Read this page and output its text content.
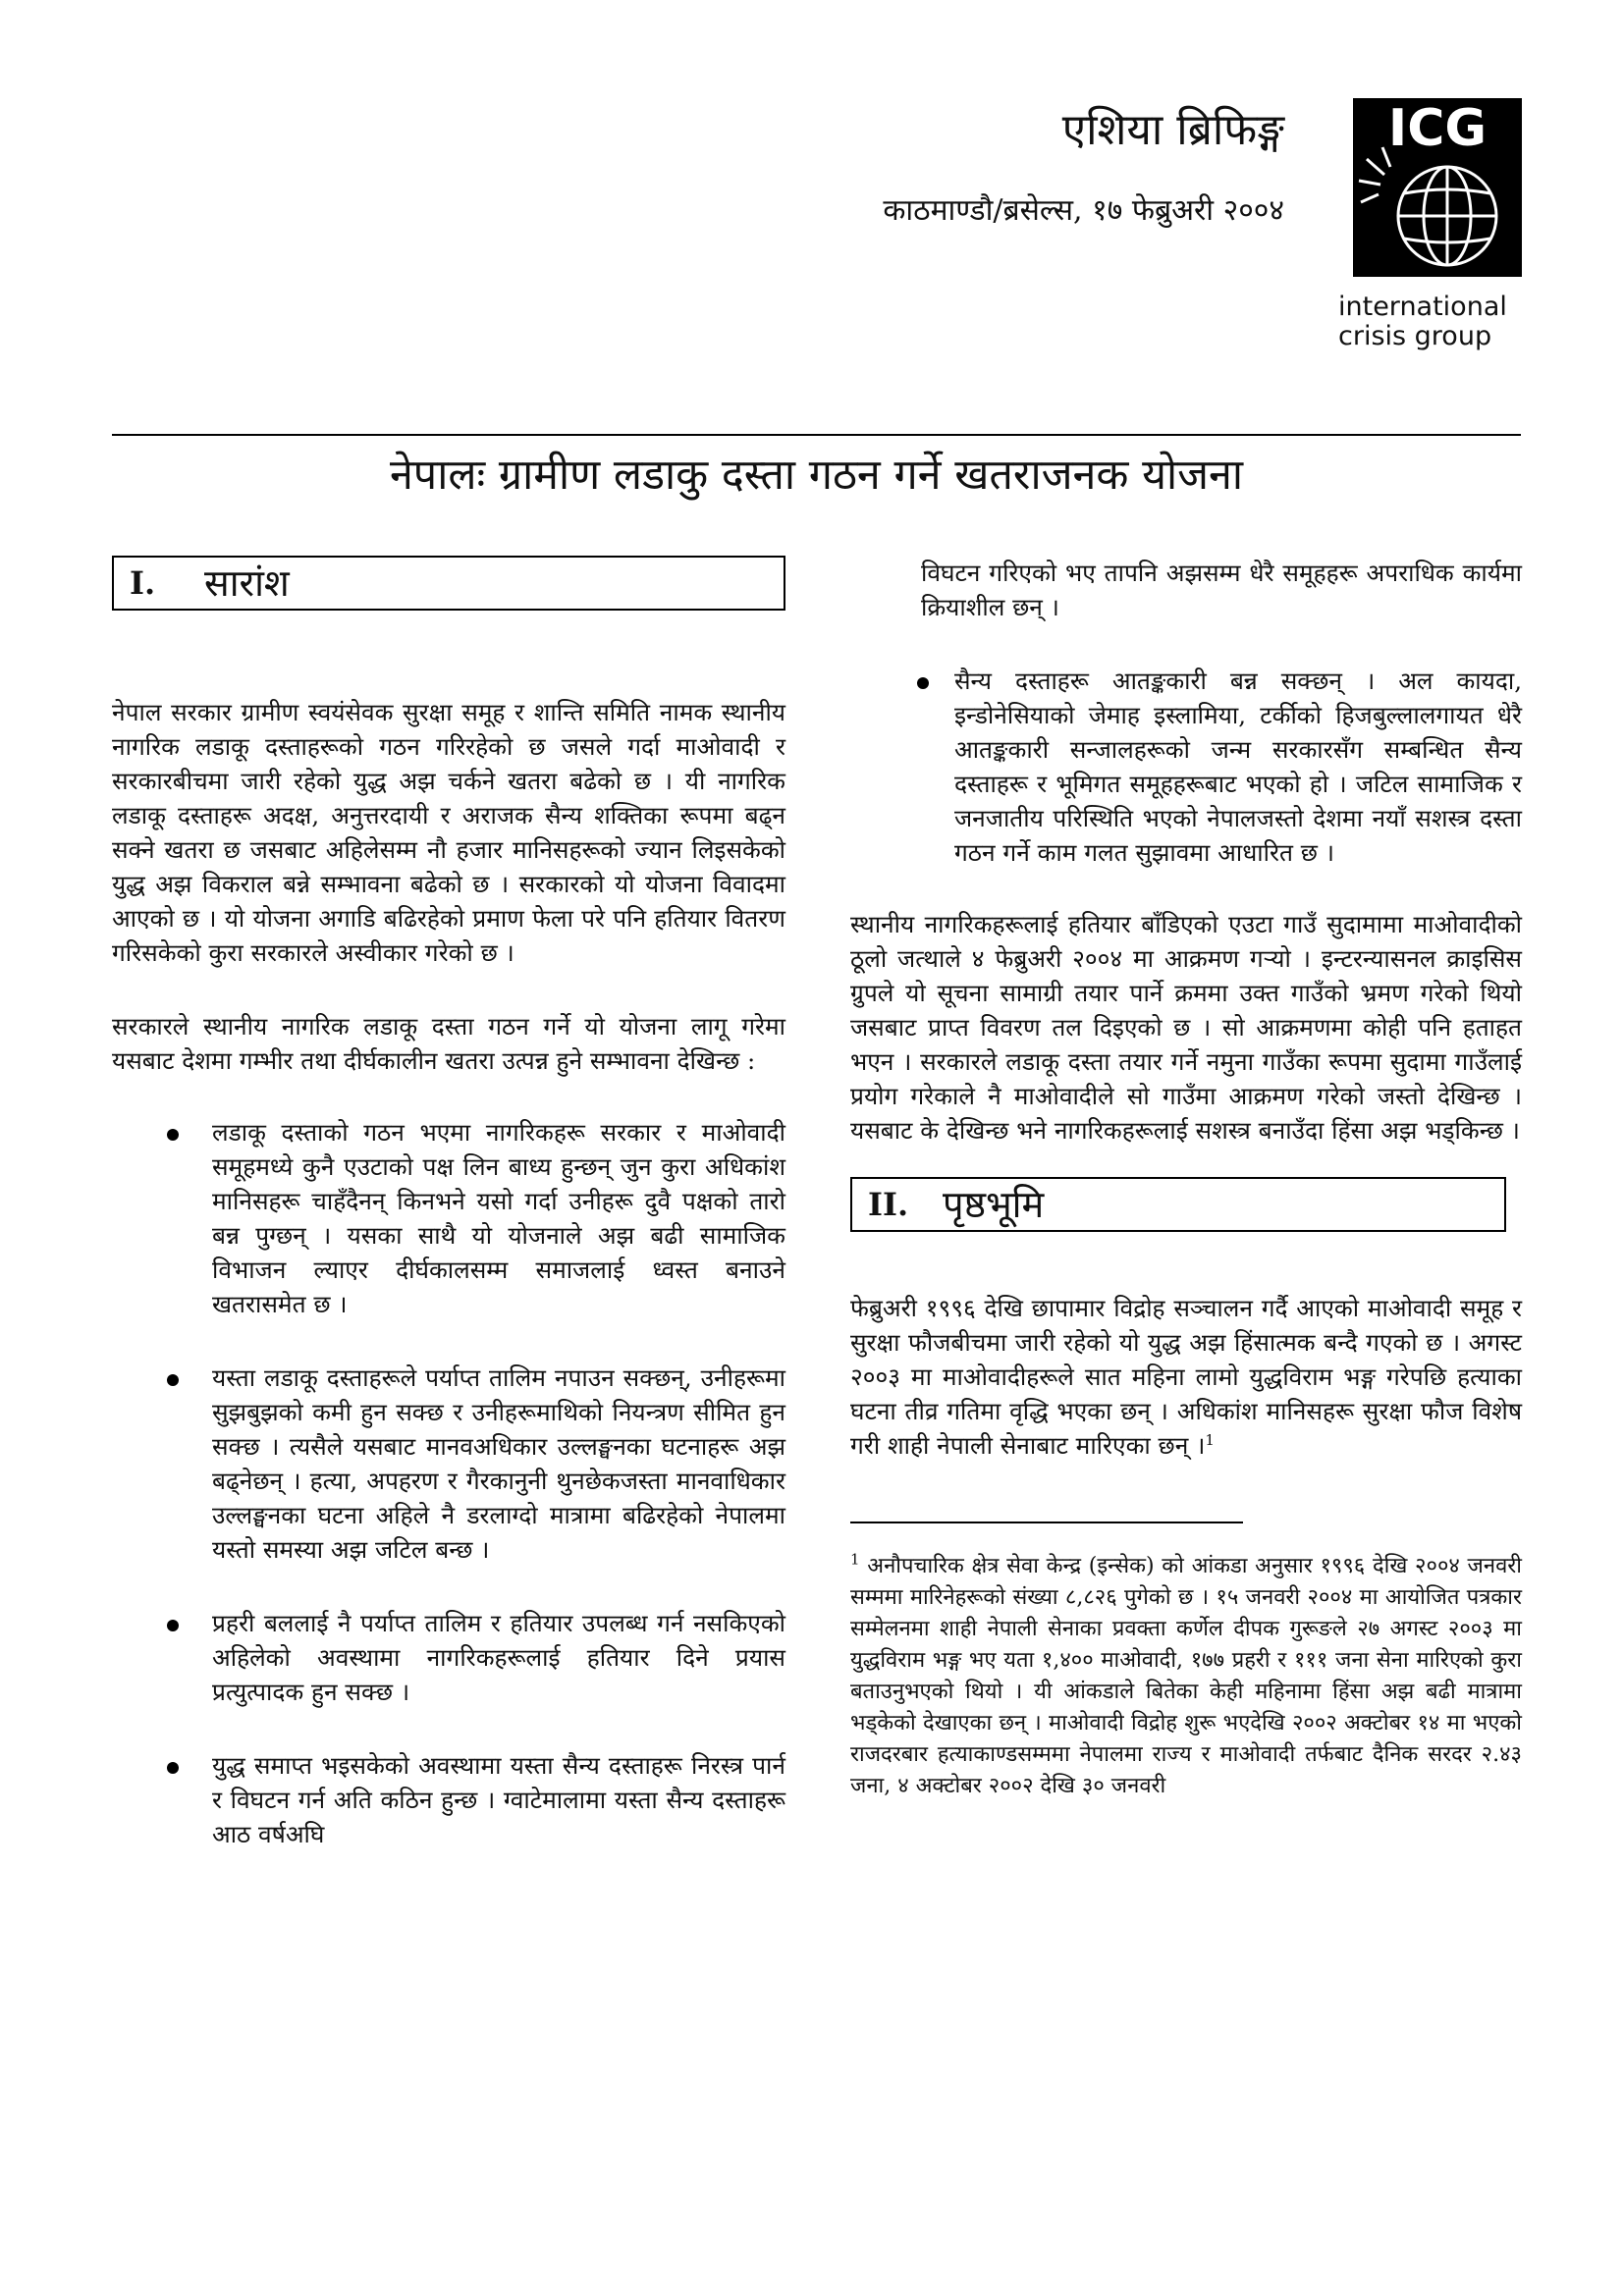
एशिया ब्रिफिङ्ग
काठमाण्डौ/ब्रसेल्स, १७ फेब्रुअरी २००४
ICG
international
crisis group
नेपालः ग्रामीण लडाकु दस्ता गठन गर्ने खतराजनक योजना
I.	सारांश

नेपाल सरकार ग्रामीण स्वयंसेवक सुरक्षा समूह र शान्ति समिति नामक स्थानीय नागरिक लडाकू दस्ताहरूको गठन गरिरहेको छ जसले गर्दा माओवादी र सरकारबीचमा जारी रहेको युद्ध अझ चर्कने खतरा बढेको छ । यी नागरिक लडाकू दस्ताहरू अदक्ष, अनुत्तरदायी र अराजक सैन्य शक्तिका रूपमा बढ्न सक्ने खतरा छ जसबाट अहिलेसम्म नौ हजार मानिसहरूको ज्यान लिइसकेको युद्ध अझ विकराल बन्ने सम्भावना बढेको छ । सरकारको यो योजना विवादमा आएको छ । यो योजना अगाडि बढिरहेको प्रमाण फेला परे पनि हतियार वितरण गरिसकेको कुरा सरकारले अस्वीकार गरेको छ ।

सरकारले स्थानीय नागरिक लडाकू दस्ता गठन गर्ने यो योजना लागू गरेमा यसबाट देशमा गम्भीर तथा दीर्घकालीन खतरा उत्पन्न हुने सम्भावना देखिन्छ :

लडाकू दस्ताको गठन भएमा नागरिकहरू सरकार र माओवादी समूहमध्ये कुनै एउटाको पक्ष लिन बाध्य हुन्छन् जुन कुरा अधिकांश मानिसहरू चाहँदैनन् किनभने यसो गर्दा उनीहरू दुवै पक्षको तारो बन्न पुग्छन् । यसका साथै यो योजनाले अझ बढी सामाजिक विभाजन ल्याएर दीर्घकालसम्म समाजलाई ध्वस्त बनाउने खतरासमेत छ ।
यस्ता लडाकू दस्ताहरूले पर्याप्त तालिम नपाउन सक्छन्, उनीहरूमा सुझबुझको कमी हुन सक्छ र उनीहरूमाथिको नियन्त्रण सीमित हुन सक्छ । त्यसैले यसबाट मानवअधिकार उल्लङ्घनका घटनाहरू अझ बढ्नेछन् । हत्या, अपहरण र गैरकानुनी थुनछेकजस्ता मानवाधिकार उल्लङ्घनका घटना अहिले नै डरलाग्दो मात्रामा बढिरहेको नेपालमा यस्तो समस्या अझ जटिल बन्छ ।
प्रहरी बललाई नै पर्याप्त तालिम र हतियार उपलब्ध गर्न नसकिएको अहिलेको अवस्थामा नागरिकहरूलाई हतियार दिने प्रयास प्रत्युत्पादक हुन सक्छ ।
युद्ध समाप्त भइसकेको अवस्थामा यस्ता सैन्य दस्ताहरू निरस्त्र पार्न र विघटन गर्न अति कठिन हुन्छ । ग्वाटेमालामा यस्ता सैन्य दस्ताहरू आठ वर्षअघि

विघटन गरिएको भए तापनि अझसम्म धेरै समूहहरू अपराधिक कार्यमा क्रियाशील छन् ।

सैन्य दस्ताहरू आतङ्ककारी बन्न सक्छन् । अल कायदा, इन्डोनेसियाको जेमाह इस्लामिया, टर्कीको हिजबुल्लालगायत धेरै आतङ्ककारी सन्जालहरूको जन्म सरकारसँग सम्बन्धित सैन्य दस्ताहरू र भूमिगत समूहहरूबाट भएको हो । जटिल सामाजिक र जनजातीय परिस्थिति भएको नेपालजस्तो देशमा नयाँ सशस्त्र दस्ता गठन गर्ने काम गलत सुझावमा आधारित छ ।

स्थानीय नागरिकहरूलाई हतियार बाँडिएको एउटा गाउँ सुदामामा माओवादीको ठूलो जत्थाले ४ फेब्रुअरी २००४ मा आक्रमण गऱ्यो । इन्टरन्यासनल क्राइसिस ग्रुपले यो सूचना सामाग्री तयार पार्ने क्रममा उक्त गाउँको भ्रमण गरेको थियो जसबाट प्राप्त विवरण तल दिइएको छ । सो आक्रमणमा कोही पनि हताहत भएन । सरकारले लडाकू दस्ता तयार गर्ने नमुना गाउँका रूपमा सुदामा गाउँलाई प्रयोग गरेकाले नै माओवादीले सो गाउँमा आक्रमण गरेको जस्तो देखिन्छ । यसबाट के देखिन्छ भने नागरिकहरूलाई सशस्त्र बनाउँदा हिंसा अझ भड्किन्छ ।

II. पृष्ठभूमि

फेब्रुअरी १९९६ देखि छापामार विद्रोह सञ्चालन गर्दै आएको माओवादी समूह र सुरक्षा फौजबीचमा जारी रहेको यो युद्ध अझ हिंसात्मक बन्दै गएको छ । अगस्ट २००३ मा माओवादीहरूले सात महिना लामो युद्धविराम भङ्ग गरेपछि हत्याका घटना तीव्र गतिमा वृद्धि भएका छन् । अधिकांश मानिसहरू सुरक्षा फौज विशेष गरी शाही नेपाली सेनाबाट मारिएका छन् ।$^1$

$^1$ अनौपचारिक क्षेत्र सेवा केन्द्र (इन्सेक) को आंकडा अनुसार १९९६ देखि २००४ जनवरी सम्ममा मारिनेहरूको संख्या ८,८२६ पुगेको छ । १५ जनवरी २००४ मा आयोजित पत्रकार सम्मेलनमा शाही नेपाली सेनाका प्रवक्ता कर्णेल दीपक गुरूङले २७ अगस्ट २००३ मा युद्धविराम भङ्ग भए यता १,४०० माओवादी, १७७ प्रहरी र १११ जना सेना मारिएको कुरा बताउनुभएको थियो । यी आंकडाले बितेका केही महिनामा हिंसा अझ बढी मात्रामा भड्केको देखाएका छन् । माओवादी विद्रोह शुरू भएदेखि २००२ अक्टोबर १४ मा भएको राजदरबार हत्याकाण्डसम्ममा नेपालमा राज्य र माओवादी तर्फबाट दैनिक सरदर २.४३ जना, ४ अक्टोबर २००२ देखि ३० जनवरी
